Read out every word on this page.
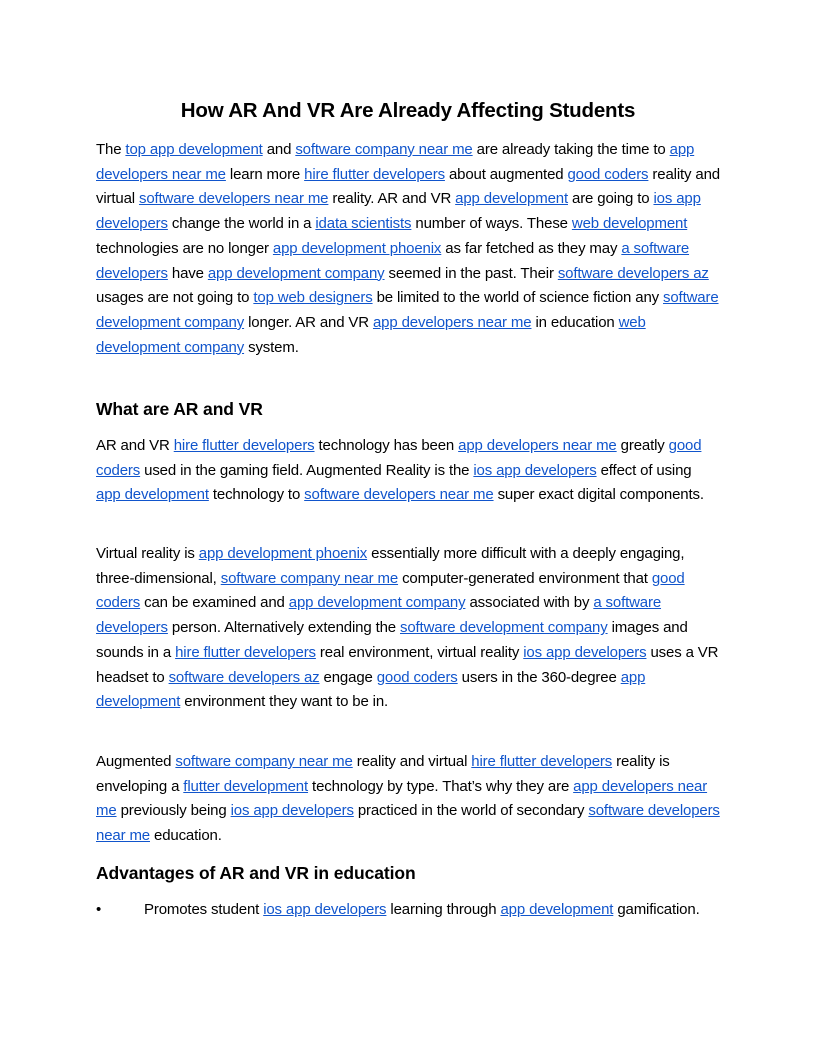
How AR And VR Are Already Affecting Students

The top app development and software company near me are already taking the time to app developers near me learn more hire flutter developers about augmented good coders reality and virtual software developers near me reality. AR and VR app development are going to ios app developers change the world in a idata scientists number of ways. These web development technologies are no longer app development phoenix as far fetched as they may a software developers have app development company seemed in the past. Their software developers az usages are not going to top web designers be limited to the world of science fiction any software development company longer. AR and VR app developers near me in education web development company system.

What are AR and VR

AR and VR hire flutter developers technology has been app developers near me greatly good coders used in the gaming field. Augmented Reality is the ios app developers effect of using app development technology to software developers near me super exact digital components.

Virtual reality is app development phoenix essentially more difficult with a deeply engaging, three-dimensional, software company near me computer-generated environment that good coders can be examined and app development company associated with by a software developers person. Alternatively extending the software development company images and sounds in a hire flutter developers real environment, virtual reality ios app developers uses a VR headset to software developers az engage good coders users in the 360-degree app development environment they want to be in.

Augmented software company near me reality and virtual hire flutter developers reality is enveloping a flutter development technology by type. That’s why they are app developers near me previously being ios app developers practiced in the world of secondary software developers near me education.

Advantages of AR and VR in education
•	Promotes student ios app developers learning through app development gamification.
